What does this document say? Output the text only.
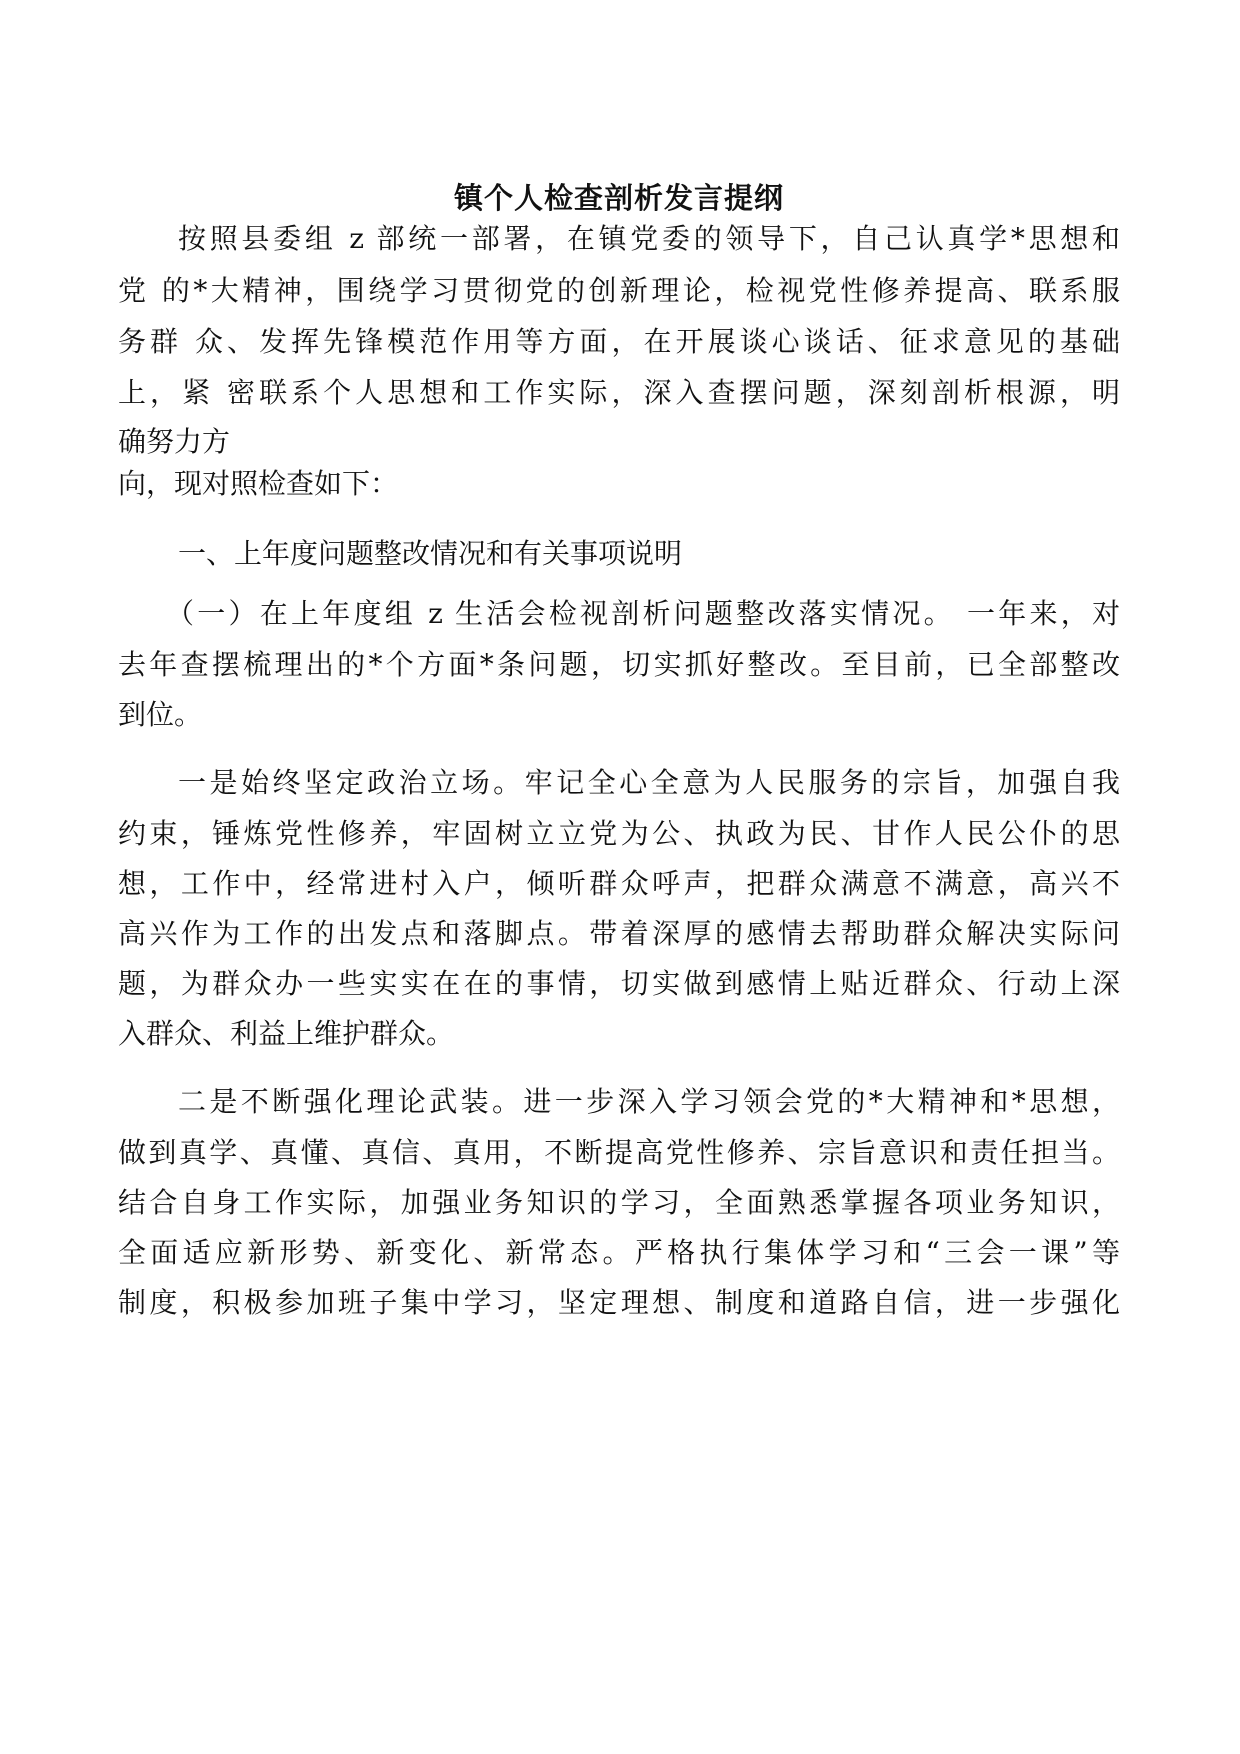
镇个人检查剖析发言提纲
按照县委组 z 部统一部署，在镇党委的领导下，自己认真学*思想和
党 的*大精神，围绕学习贯彻党的创新理论，检视党性修养提高、联系服
务群 众、发挥先锋模范作用等方面，在开展谈心谈话、征求意见的基础
上，紧 密联系个人思想和工作实际，深入查摆问题，深刻剖析根源，明
确努力方
向，现对照检查如下：
一、上年度问题整改情况和有关事项说明
（一）在上年度组 z 生活会检视剖析问题整改落实情况。 一年来，对
去年查摆梳理出的*个方面*条问题，切实抓好整改。至目前，已全部整改
到位。
一是始终坚定政治立场。牢记全心全意为人民服务的宗旨，加强自我
约束，锤炼党性修养，牢固树立立党为公、执政为民、甘作人民公仆的思
想，工作中，经常进村入户，倾听群众呼声，把群众满意不满意，高兴不
高兴作为工作的出发点和落脚点。带着深厚的感情去帮助群众解决实际问
题，为群众办一些实实在在的事情，切实做到感情上贴近群众、行动上深
入群众、利益上维护群众。
二是不断强化理论武装。进一步深入学习领会党的*大精神和*思想，
做到真学、真懂、真信、真用，不断提高党性修养、宗旨意识和责任担当。
结合自身工作实际，加强业务知识的学习，全面熟悉掌握各项业务知识，
全面适应新形势、新变化、新常态。严格执行集体学习和“三会一课”等
制度，积极参加班子集中学习，坚定理想、制度和道路自信，进一步强化
